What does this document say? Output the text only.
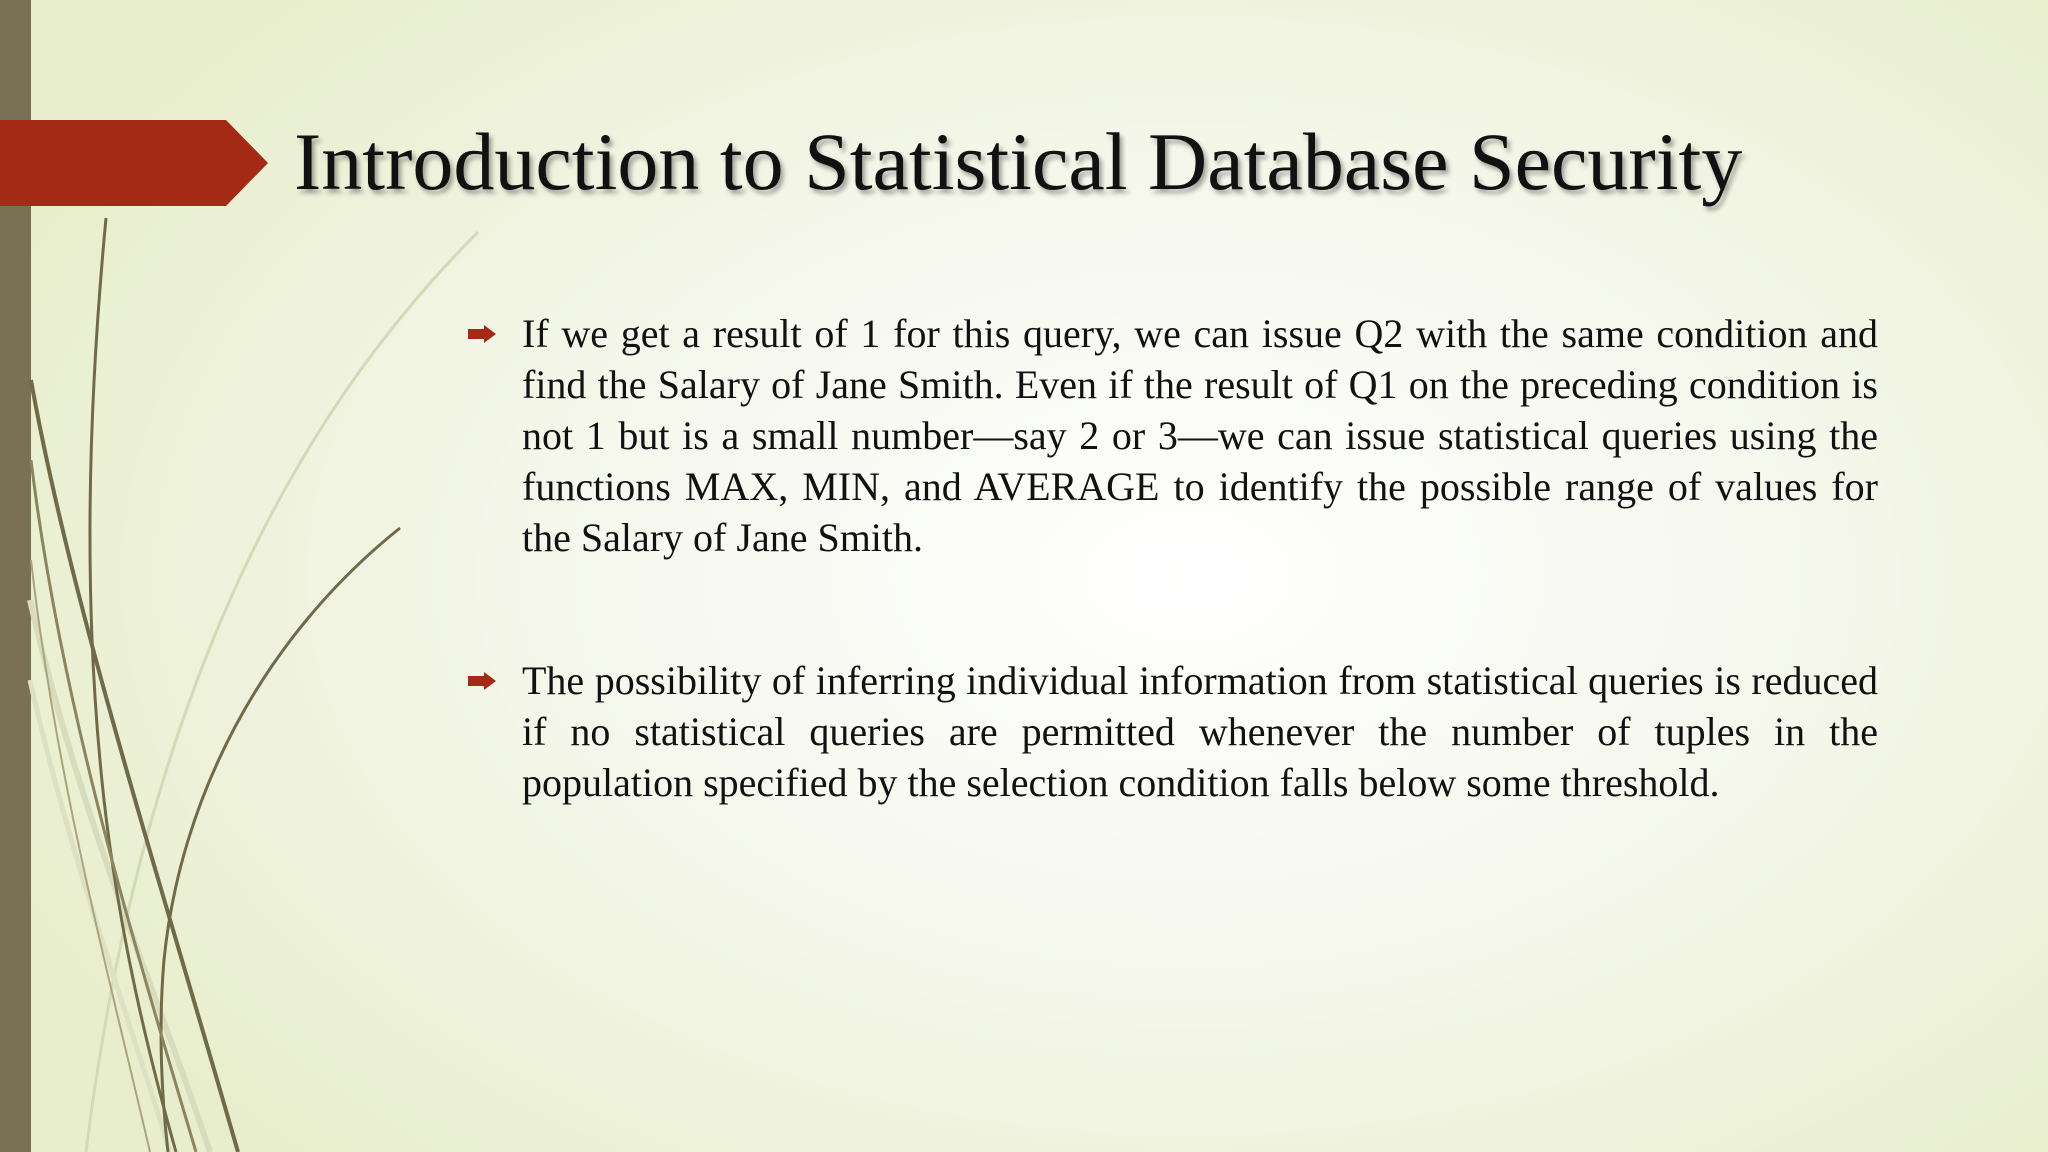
Introduction to Statistical Database Security
If we get a result of 1 for this query, we can issue Q2 with the same condition and find the Salary of Jane Smith. Even if the result of Q1 on the preceding condition is not 1 but is a small number—say 2 or 3—we can issue statistical queries using the functions MAX, MIN, and AVERAGE to identify the possible range of values for the Salary of Jane Smith.
The possibility of inferring individual information from statistical queries is reduced if no statistical queries are permitted whenever the number of tuples in the population specified by the selection condition falls below some threshold.
